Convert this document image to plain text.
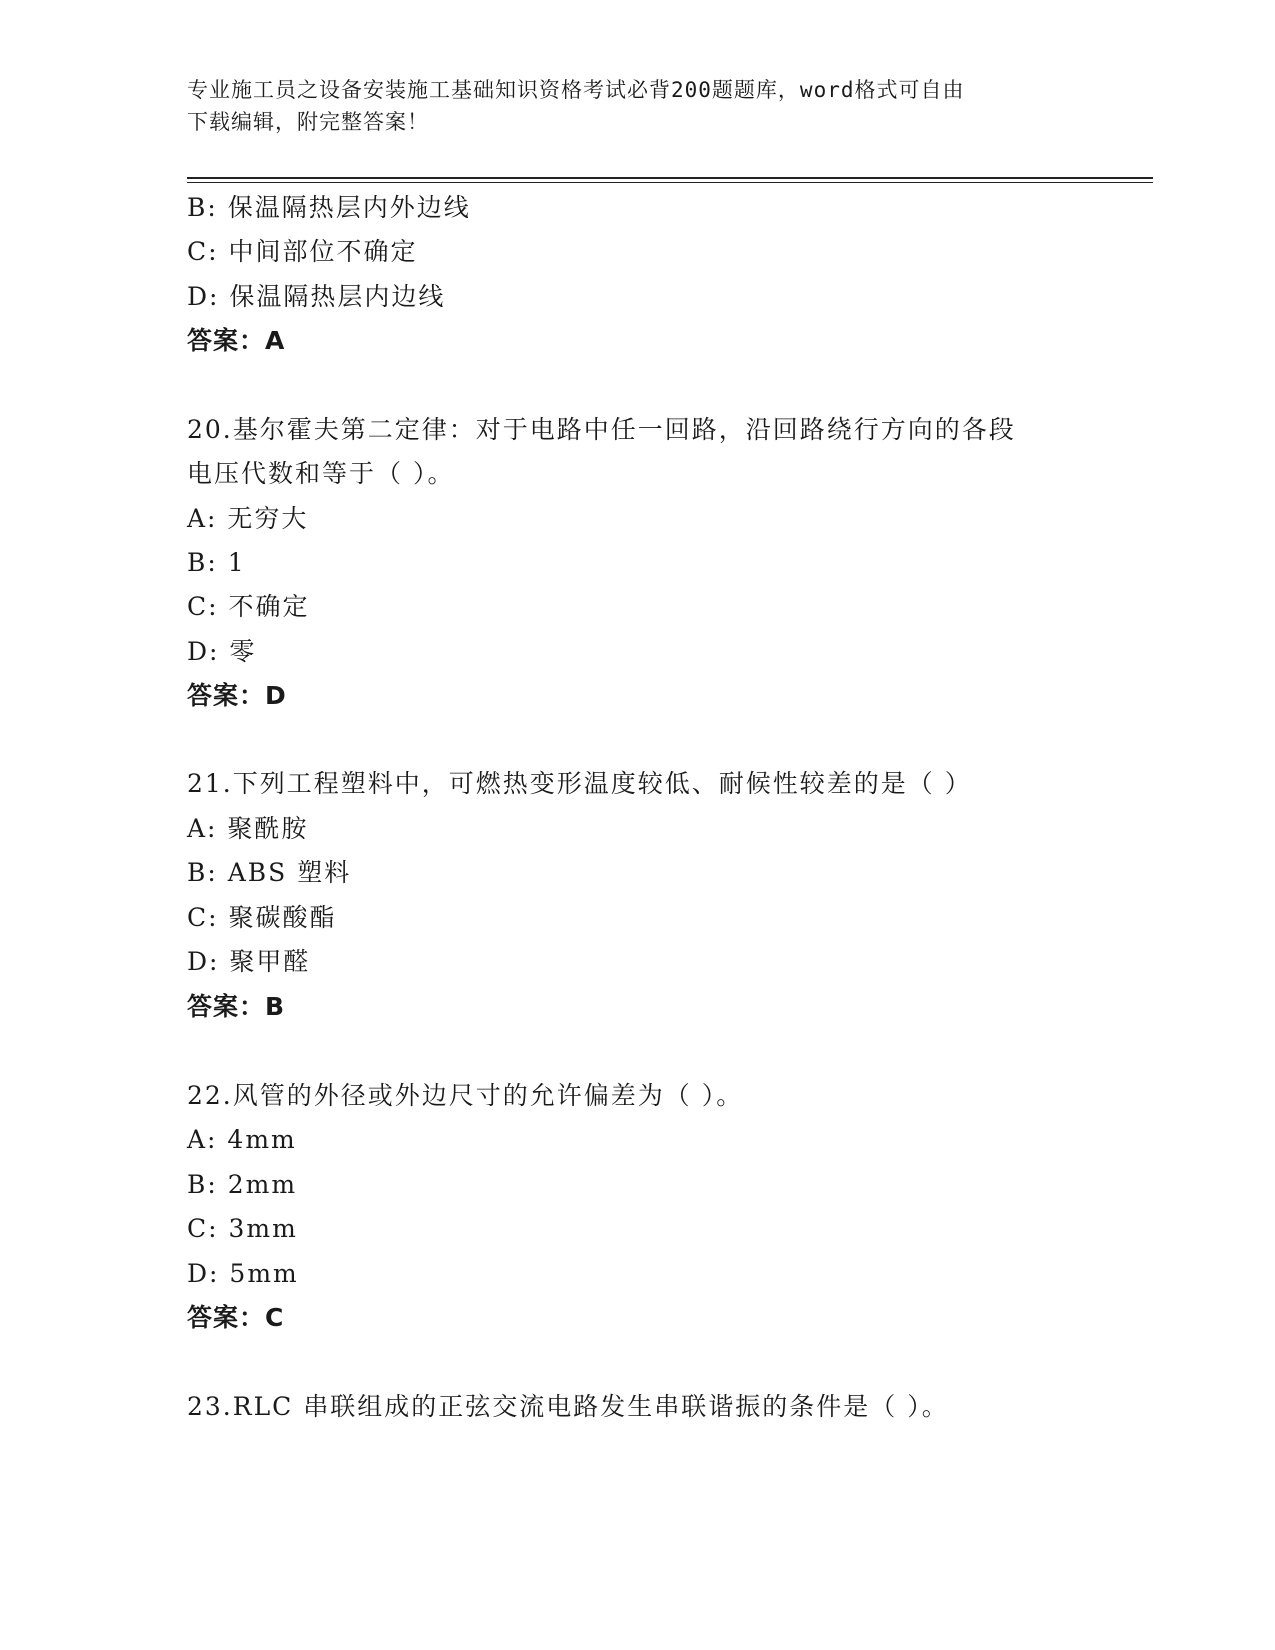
专业施工员之设备安装施工基础知识资格考试必背200题题库，word格式可自由
下载编辑，附完整答案！
B: 保温隔热层内外边线
C: 中间部位不确定
D: 保温隔热层内边线
答案：A
20.基尔霍夫第二定律：对于电路中任一回路，沿回路绕行方向的各段
电压代数和等于（ ）。
A: 无穷大
B: 1
C: 不确定
D: 零
答案：D
21.下列工程塑料中，可燃热变形温度较低、耐候性较差的是（ ）
A: 聚酰胺
B: ABS 塑料
C: 聚碳酸酯
D: 聚甲醛
答案：B
22.风管的外径或外边尺寸的允许偏差为（ ）。
A: 4mm
B: 2mm
C: 3mm
D: 5mm
答案：C
23.RLC 串联组成的正弦交流电路发生串联谐振的条件是（ ）。
